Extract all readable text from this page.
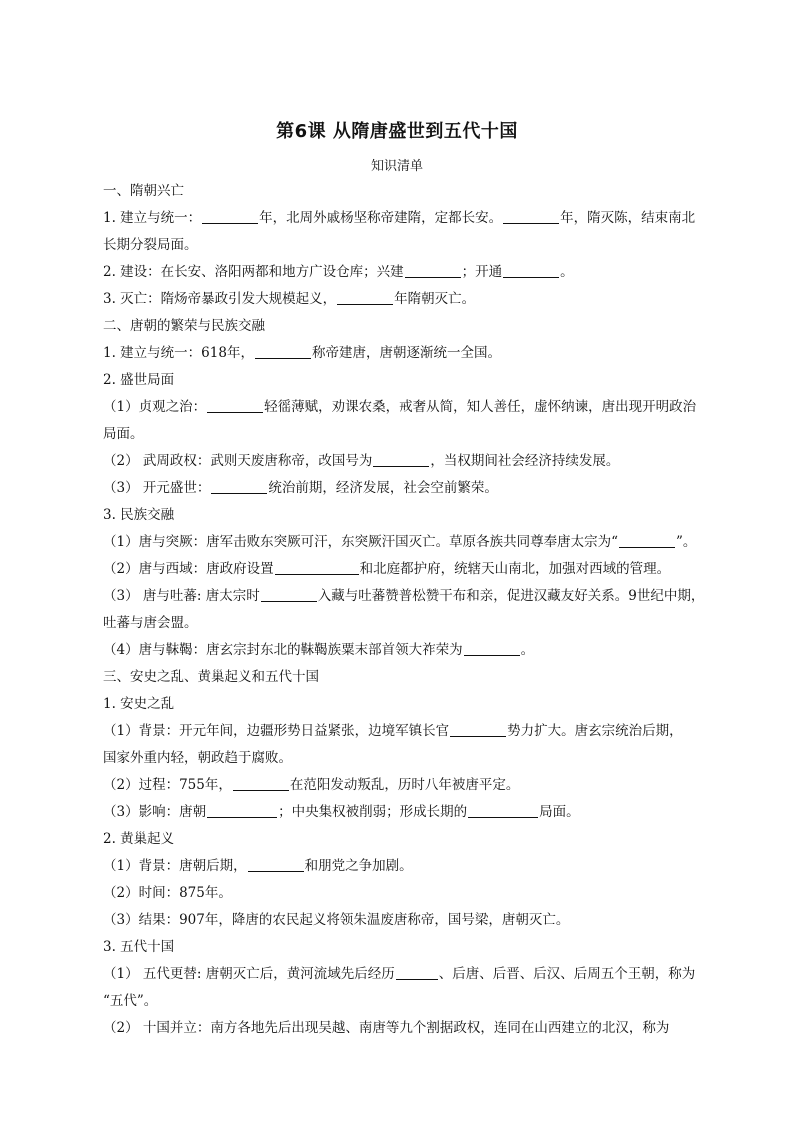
第6课 从隋唐盛世到五代十国
知识清单
一、隋朝兴亡
1. 建立与统一：	年，北周外戚杨坚称帝建隋，定都长安。	年，隋灭陈，结束南北
长期分裂局面。
2. 建设：在长安、洛阳两都和地方广设仓库；兴建	；开通	。
3. 灭亡：隋炀帝暴政引发大规模起义，	年隋朝灭亡。
二、唐朝的繁荣与民族交融
1. 建立与统一：618年，	称帝建唐，唐朝逐渐统一全国。
2. 盛世局面
（1）贞观之治：	轻徭薄赋，劝课农桑，戒奢从简，知人善任，虚怀纳谏，唐出现开明政治
局面。
（2） 武周政权：武则天废唐称帝，改国号为	，当权期间社会经济持续发展。
（3） 开元盛世：	统治前期，经济发展，社会空前繁荣。
3. 民族交融
（1）唐与突厥：唐军击败东突厥可汗，东突厥汗国灭亡。草原各族共同尊奉唐太宗为“	”。
（2）唐与西域：唐政府设置	和北庭都护府，统辖天山南北，加强对西域的管理。
（3） 唐与吐蕃: 唐太宗时	入藏与吐蕃赞普松赞干布和亲，促进汉藏友好关系。9世纪中期，
吐蕃与唐会盟。
（4）唐与靺鞨：唐玄宗封东北的靺鞨族粟末部首领大祚荣为	。
三、安史之乱、黄巢起义和五代十国
1. 安史之乱
（1）背景：开元年间，边疆形势日益紧张，边境军镇长官	势力扩大。唐玄宗统治后期，
国家外重内轻，朝政趋于腐败。
（2）过程：755年，	在范阳发动叛乱，历时八年被唐平定。
（3）影响：唐朝	；中央集权被削弱；形成长期的	局面。
2. 黄巢起义
（1）背景：唐朝后期，	和朋党之争加剧。
（2）时间：875年。
（3）结果：907年，降唐的农民起义将领朱温废唐称帝，国号梁，唐朝灭亡。
3. 五代十国
（1） 五代更替: 唐朝灭亡后，黄河流域先后经历	、后唐、后晋、后汉、后周五个王朝，称为
“五代”。
（2） 十国并立：南方各地先后出现吴越、南唐等九个割据政权，连同在山西建立的北汉，称为
